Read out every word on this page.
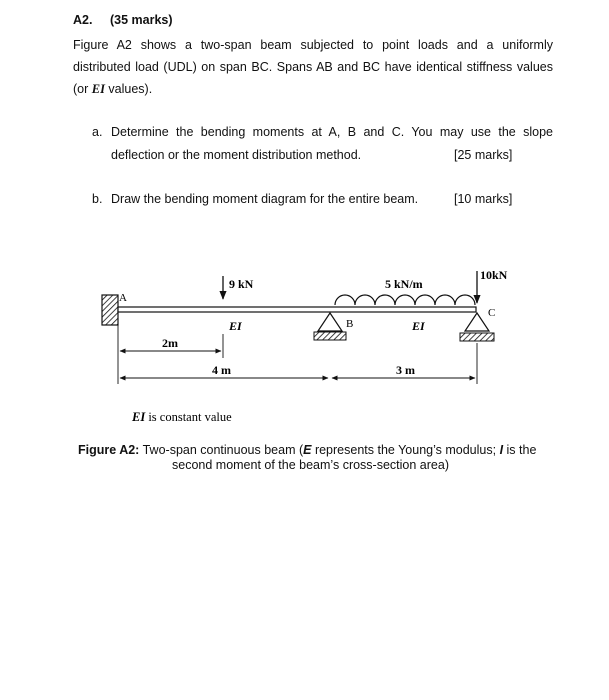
A2. (35 marks)
Figure A2 shows a two-span beam subjected to point loads and a uniformly
distributed load (UDL) on span BC. Spans AB and BC have identical stiffness values
(or EI values).
a. Determine the bending moments at A, B and C. You may use the slope
deflection or the moment distribution method.	[25 marks]
b. Draw the bending moment diagram for the entire beam.	[10 marks]
A
9 kN	5 kN/m
10kN
B
C
EI	EI
2m
4 m	3 m
EI is constant value
Figure A2: Two-span continuous beam (E represents the Young’s modulus; I is the
second moment of the beam’s cross-section area)
